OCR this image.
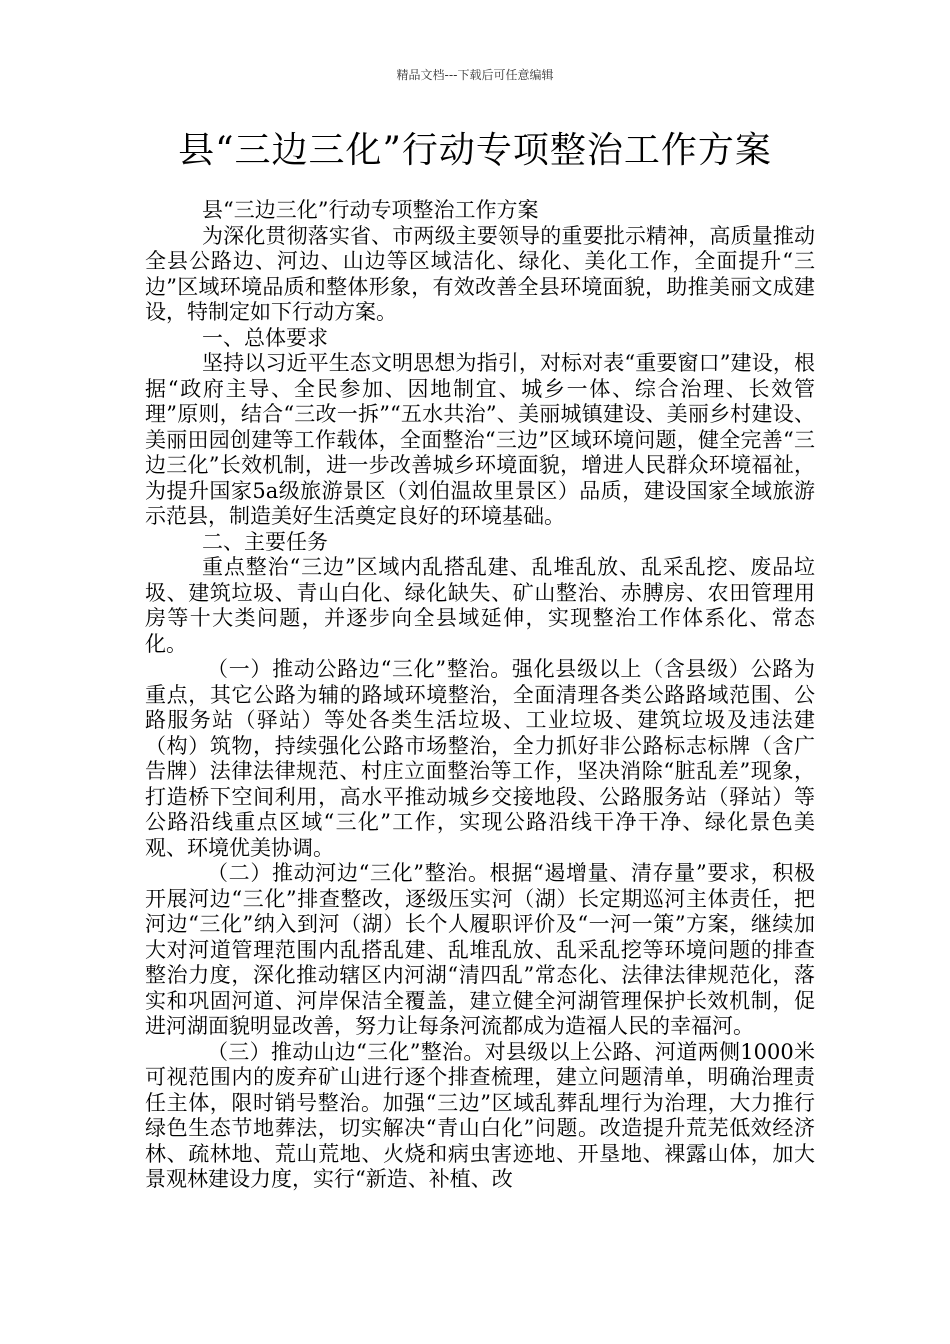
精品文档---下载后可任意编辑
县“三边三化”行动专项整治工作方案

县“三边三化”行动专项整治工作方案

为深化贯彻落实省、市两级主要领导的重要批示精神，高质量推动全县公路边、河边、山边等区域洁化、绿化、美化工作，全面提升“三边”区域环境品质和整体形象，有效改善全县环境面貌，助推美丽文成建设，特制定如下行动方案。

一、总体要求

坚持以习近平生态文明思想为指引，对标对表“重要窗口”建设，根据“政府主导、全民参加、因地制宜、城乡一体、综合治理、长效管理”原则，结合“三改一拆”“五水共治”、美丽城镇建设、美丽乡村建设、美丽田园创建等工作载体，全面整治“三边”区域环境问题，健全完善“三边三化”长效机制，进一步改善城乡环境面貌，增进人民群众环境福祉，为提升国家5a级旅游景区（刘伯温故里景区）品质，建设国家全域旅游示范县，制造美好生活奠定良好的环境基础。

二、主要任务

重点整治“三边”区域内乱搭乱建、乱堆乱放、乱采乱挖、废品垃圾、建筑垃圾、青山白化、绿化缺失、矿山整治、赤膊房、农田管理用房等十大类问题，并逐步向全县域延伸，实现整治工作体系化、常态化。

（一）推动公路边“三化”整治。强化县级以上（含县级）公路为重点，其它公路为辅的路域环境整治，全面清理各类公路路域范围、公路服务站（驿站）等处各类生活垃圾、工业垃圾、建筑垃圾及违法建（构）筑物，持续强化公路市场整治，全力抓好非公路标志标牌（含广告牌）法律法律规范、村庄立面整治等工作，坚决消除“脏乱差”现象，打造桥下空间利用，高水平推动城乡交接地段、公路服务站（驿站）等公路沿线重点区域“三化”工作，实现公路沿线干净干净、绿化景色美观、环境优美协调。

（二）推动河边“三化”整治。根据“遏增量、清存量”要求，积极开展河边“三化”排查整改，逐级压实河（湖）长定期巡河主体责任，把河边“三化”纳入到河（湖）长个人履职评价及“一河一策”方案，继续加大对河道管理范围内乱搭乱建、乱堆乱放、乱采乱挖等环境问题的排查整治力度，深化推动辖区内河湖“清四乱”常态化、法律法律规范化，落实和巩固河道、河岸保洁全覆盖，建立健全河湖管理保护长效机制，促进河湖面貌明显改善，努力让每条河流都成为造福人民的幸福河。

（三）推动山边“三化”整治。对县级以上公路、河道两侧1000米可视范围内的废弃矿山进行逐个排查梳理，建立问题清单，明确治理责任主体，限时销号整治。加强“三边”区域乱葬乱埋行为治理，大力推行绿色生态节地葬法，切实解决“青山白化”问题。改造提升荒芜低效经济林、疏林地、荒山荒地、火烧和病虫害迹地、开垦地、裸露山体，加大景观林建设力度，实行“新造、补植、改
